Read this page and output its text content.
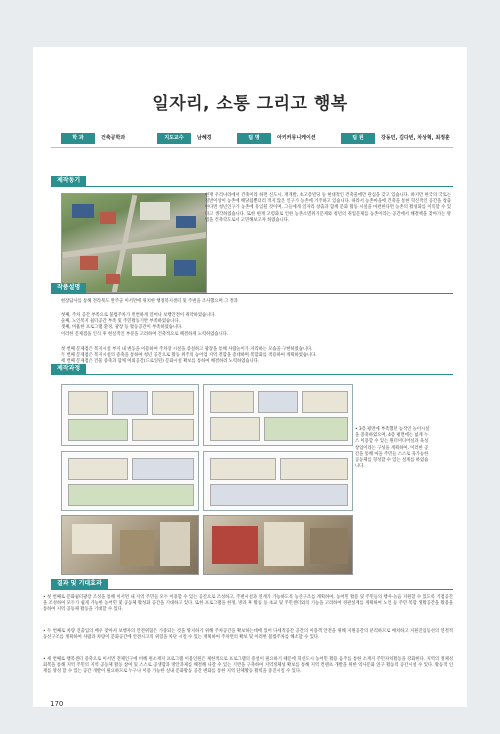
일자리, 소통 그리고 행복
학 과	건축공학과	지도교수	남혜경	팀 명	아키커뮤니케이션	팀 원	강동민, 김다빈, 차상혁, 최정훈
제작동기
현재 우리나라에서 건축이라 하면 신도시, 재개발, 초고층빌딩 등 현대적인 건축물에만 관심을 갖고 있습니다. 하지만 한국의 국토는 절반이상이 농촌에 해당됨뿐더러 적지 않은 인구가 농촌에 거주하고 있습니다. 따라서 농촌마을에 건축을 통한 혁신적인 공간을 창출한다면 청년인구가 농촌에 유입될 것이며, 그들에게 일자리 창출과 함께 문화 활동 시설을 마련한다면 농촌의 활성화를 이룩할 수 있다고 생각하였습니다. 또한 현재 고령화로 인한 농촌소멸위기문제와 청년의 취업문제를 농촌이라는 공간에서 해결책을 찾아가는 방법을 건축학도로서 고민해보고자 하였습니다.
작품설명
현장답사를 통해 전라북도 완주군 이서면에 위치한 행정복지센터 및 주변을 조사했으며 그 결과
첫째, 주차 공간 부족으로 불법주차가 빈번하게 일어나 보행안전이 취약하였습니다.
둘째, 노인복지 쉼터공간 부족 및 주민활동기반 부족하였습니다.
셋째, 미흡한 프로그램 환경, 광장 등 활동공간이 부족하였습니다.
이러한 문제점을 인식 후 현실적인 부분을 고려하여 건축적으로 해결하게 노력하였습니다.
첫 번째 문제점은 복지시설 부지 내 변동을 이용하여 주차장 시설을 증설하고 광장을 통해 사람놀이가 자리하는 모습을 구현하였습니다.
두 번째 문제점은 복지시설의 증축을 통하여 청년 공간으로 활동 위주의 농어업 지역 결합을 증대하며 복합화를 적용하여 계획하였습니다.
세 번째 문제점은 건물 증축과 함께 여외공간(드로잉된) 문화시설 확보를 통하여 해결하려 노력하였습니다.
제작과정
• 3층 평면에 부족했던 농작인 놀이시설을 증축하였으며, 4층 평면에는 넓게 누스 이용할 수 있는 원터미디어실과 육성창업이라는 구성을 계획하여, 이러한 공간을 통해 마을 주민들 스스로 육가능한 공동체를 형성할 수 있는 설계를 하였습니다.
결과 및 기대효과
• 첫 번째로 문화쉼터광장 조성을 통해 이서면 내 지역 주민들 모두 이용할 수 있는 공간으로 조성하고, 주변시설과 연계가 가능하도록 농산구조를 계획하여, 농어민 활용 및 주민들의 행사·놀음 지원할 수 있도록 거점공간을 조성하여 모두가 쉽게 가능한 농어민 및 공동체 활성화 공간을 기대하고 있다. 또한 프로그램을 한정, 방과 후 활동 등 초교 및 주민센터와의 기능을 고려하여 경관설계를 계획하여 노인 등 주민 복합 생활공간을 활용을 통하여 지역 공동체 활동을 기대할 수 있다.
• 두 번째로 차량 진출입의 배우 잦아져 보행자의 안전위협은 가중되는 것을 방지하기 위해 주차공간을 확보하는데에 있어 다세적공간 공간의 이용객 안전을 위해 지원공간의 분리하므로 배치하고 지원진입동선의 연결적 동선구조를 계획하여 사람과 차량이 문화공간에 안전시고의 위험을 차단 시킬 수 있는 계획하여 주차면의 확보 및 이러한 불법주차를 해소할 수 있다.
• 세 번째로 행복센터 증축으로 이서면 전체인구에 비해 편소재지 프로그램 이용인원은 제한적으로 프로그램의 증설이 필요하기 때문에 혁신도시 농어민 활용 음주를 통한 소재지 주민자치활동을 강화한다. 지역의 정체성 회복을 통해 지역 주민의 지역 공동체 활동 참여 및 스스로 공생합과 방안과제를 해결해 나갈 수 있는 기반을 구축하여 지역정체성 확보를 통해 지역 컨텐츠 개발을 위한 역사문화 연구 활동의 공간시설 수 있다. 활동적 인재를 양성 할 수 있는 공간 개발이 필요하므로 누구나 이용 가능한 실내 문화활동 공간 변화를 통한 지역 단체활동 활력을 증진시킬 수 있다.
170
